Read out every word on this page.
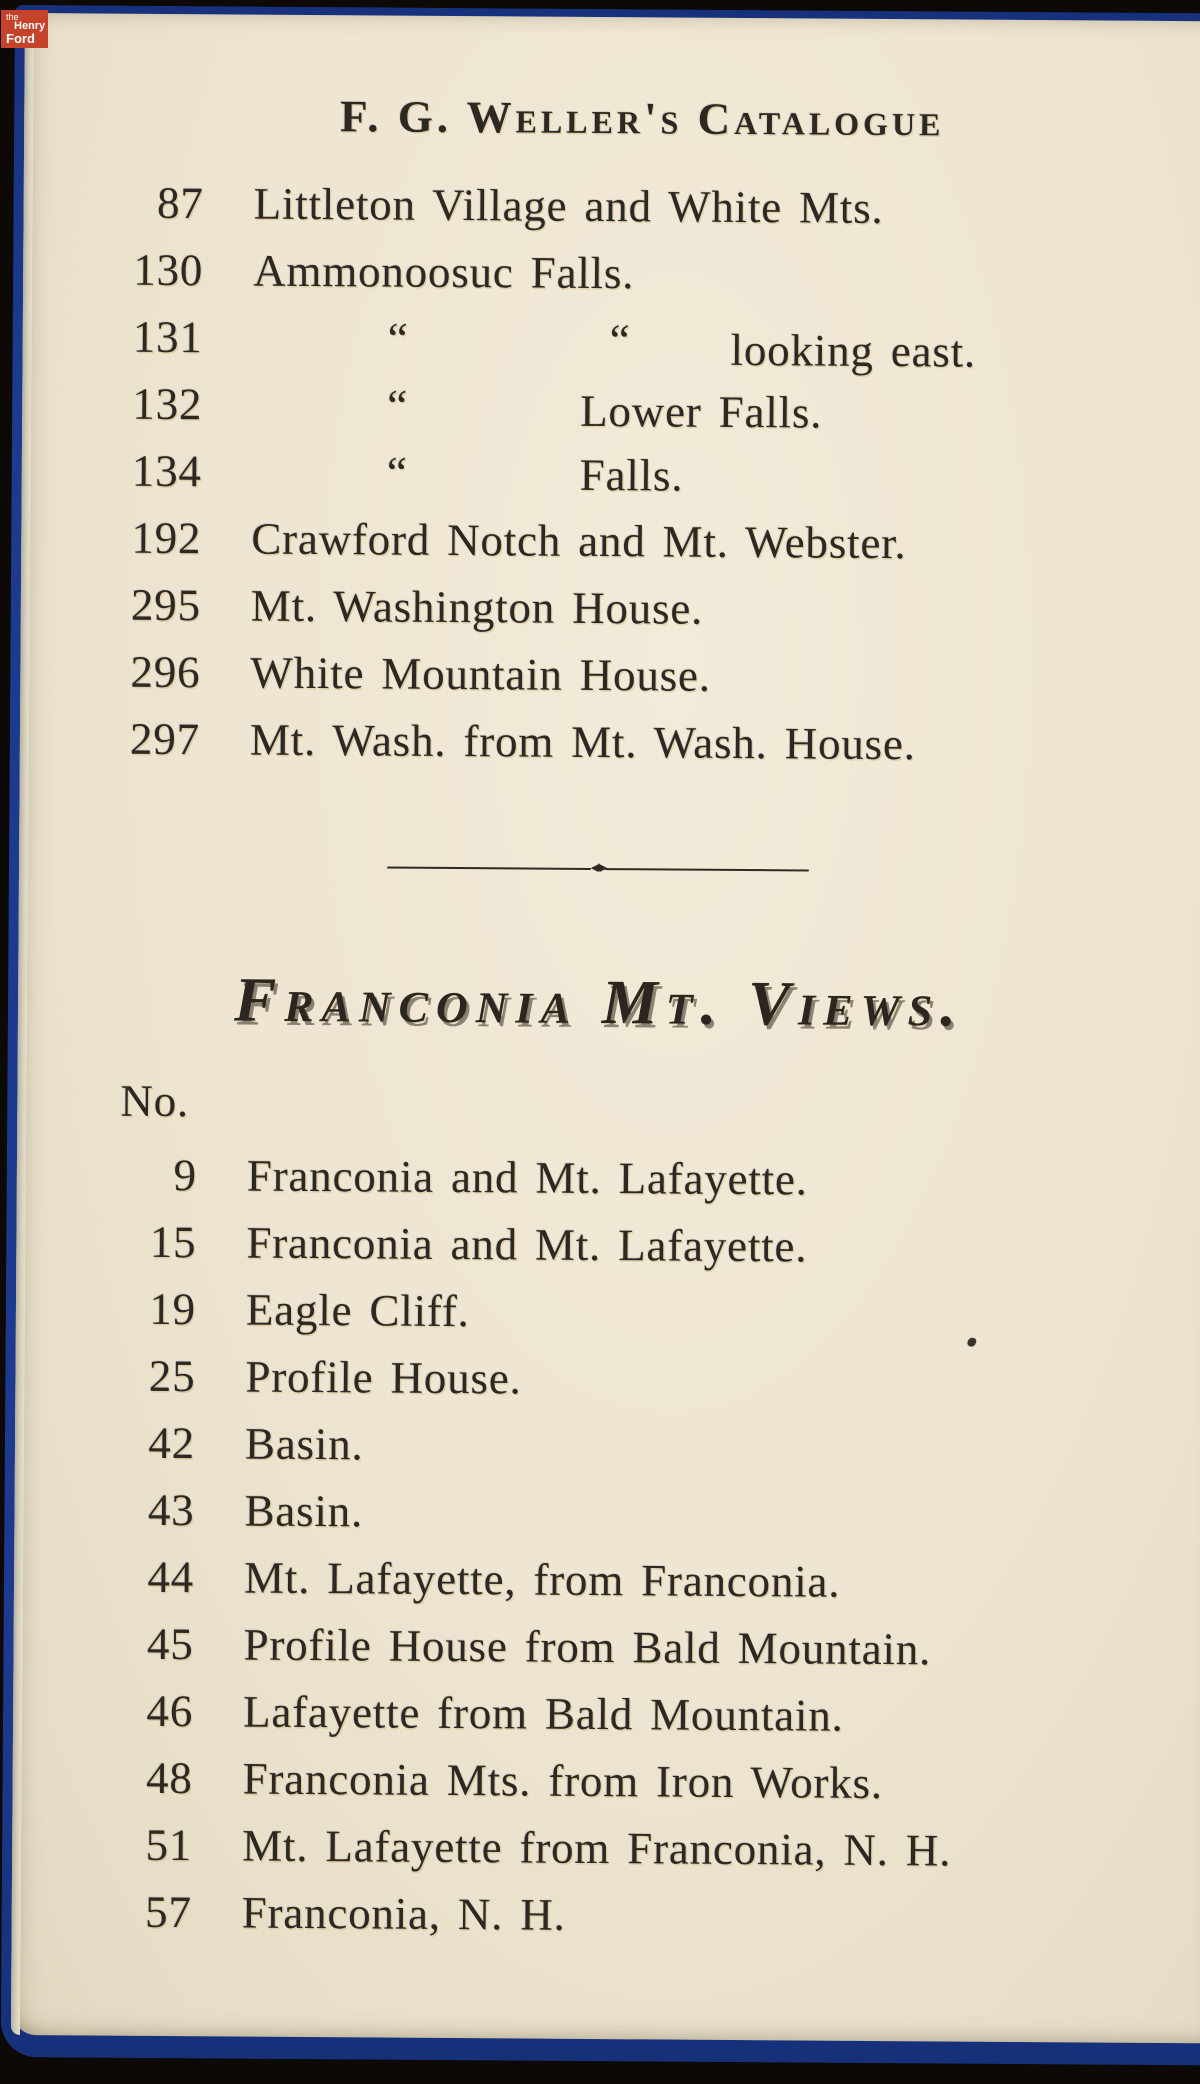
F. G. Weller's Catalogue
87	Littleton Village and White Mts.
130	Ammonoosuc Falls.
131	“	“ looking east.
132	“	Lower Falls.
134	“	Falls.
192	Crawford Notch and Mt. Webster.
295	Mt. Washington House.
296	White Mountain House.
297	Mt. Wash. from Mt. Wash. House.
◂♦▸
Franconia Mt. Views.
No.
9	Franconia and Mt. Lafayette.
15	Franconia and Mt. Lafayette.
19	Eagle Cliff.
25	Profile House.
42	Basin.
43	Basin.
44	Mt. Lafayette, from Franconia.
45	Profile House from Bald Mountain.
46	Lafayette from Bald Mountain.
48	Franconia Mts. from Iron Works.
51	Mt. Lafayette from Franconia, N. H.
57	Franconia, N. H.
the
Henry
Ford
